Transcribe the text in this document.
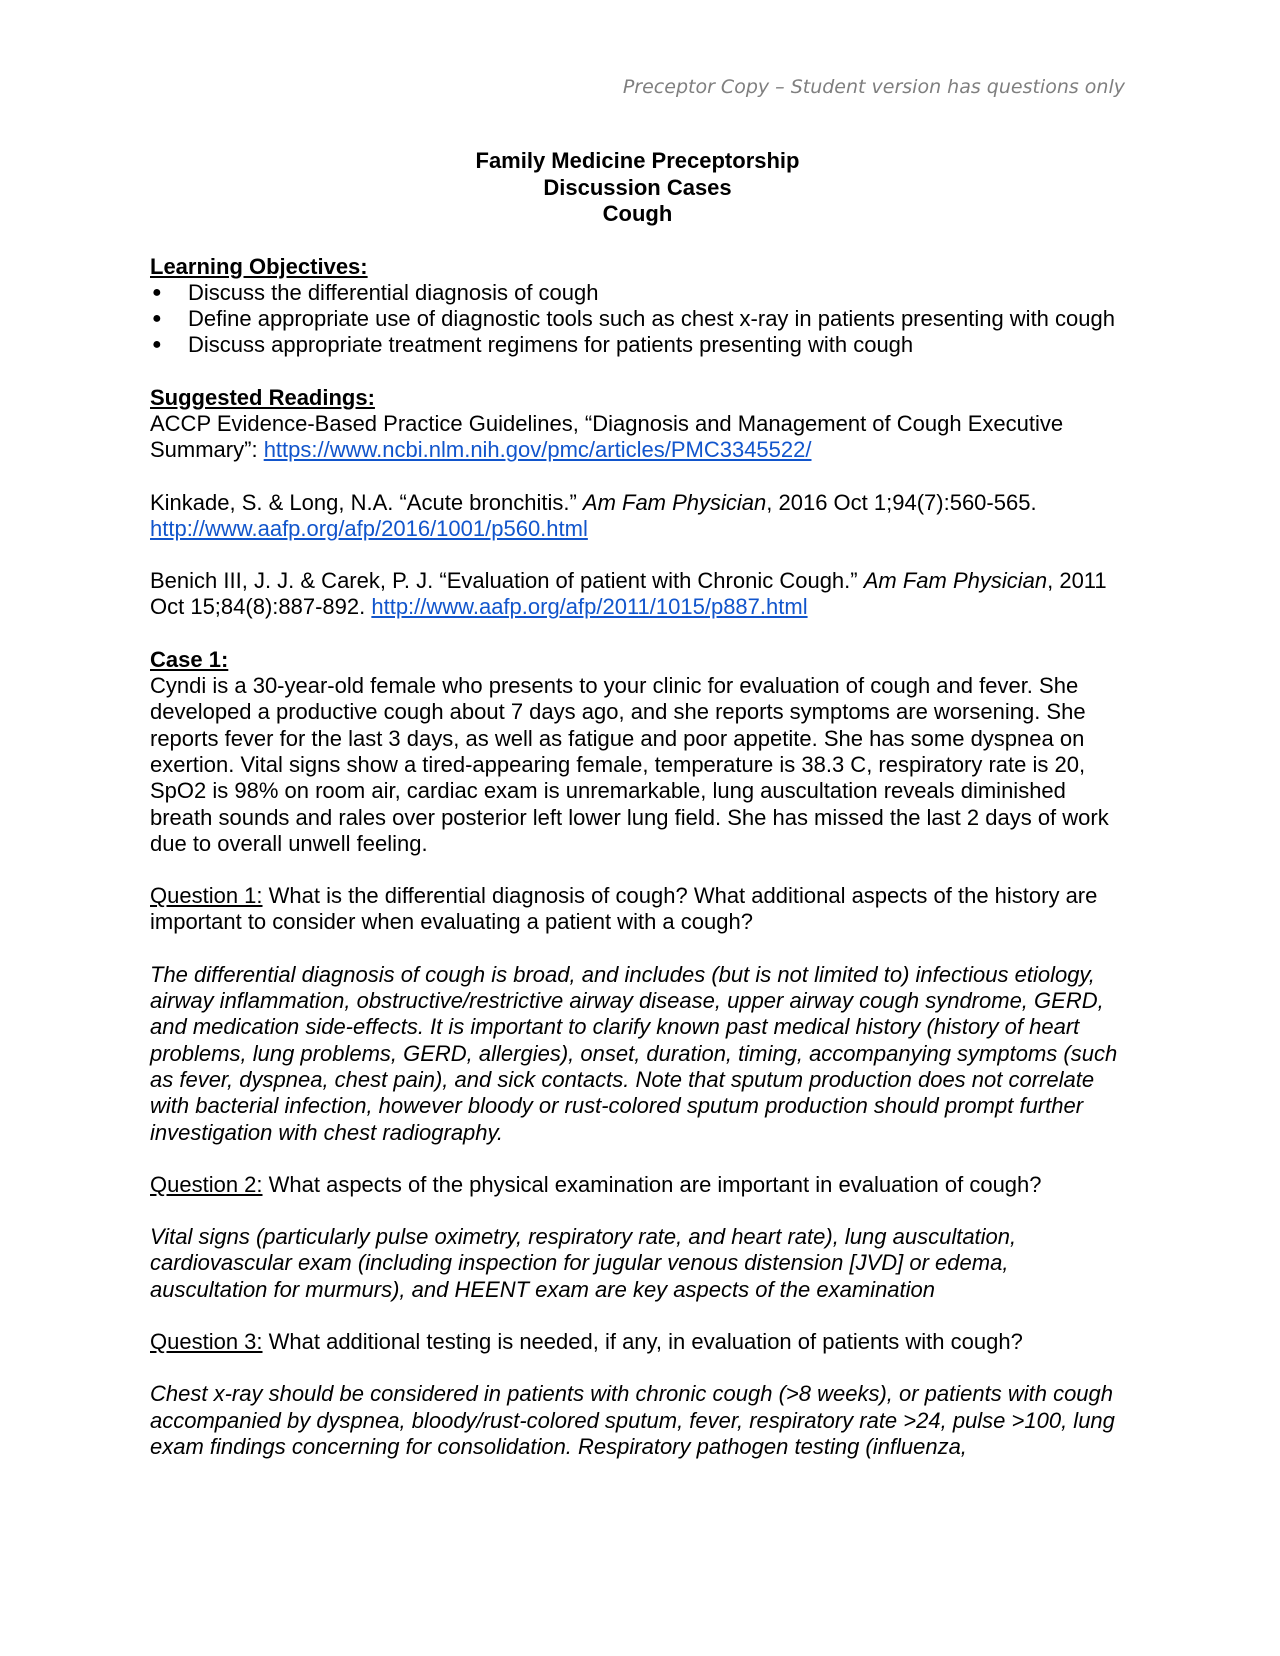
Preceptor Copy – Student version has questions only
Family Medicine Preceptorship
Discussion Cases
Cough
Learning Objectives:
● Discuss the differential diagnosis of cough
● Define appropriate use of diagnostic tools such as chest x-ray in patients presenting with cough
● Discuss appropriate treatment regimens for patients presenting with cough
Suggested Readings:

ACCP Evidence-Based Practice Guidelines, “Diagnosis and Management of Cough Executive Summary”: https://www.ncbi.nlm.nih.gov/pmc/articles/PMC3345522/

Kinkade, S. & Long, N.A. “Acute bronchitis.” Am Fam Physician, 2016 Oct 1;94(7):560-565.
http://www.aafp.org/afp/2016/1001/p560.html

Benich III, J. J. & Carek, P. J. “Evaluation of patient with Chronic Cough.” Am Fam Physician, 2011 Oct 15;84(8):887-892. http://www.aafp.org/afp/2011/1015/p887.html

Case 1:

Cyndi is a 30-year-old female who presents to your clinic for evaluation of cough and fever. She developed a productive cough about 7 days ago, and she reports symptoms are worsening. She reports fever for the last 3 days, as well as fatigue and poor appetite. She has some dyspnea on exertion. Vital signs show a tired-appearing female, temperature is 38.3 C, respiratory rate is 20, SpO2 is 98% on room air, cardiac exam is unremarkable, lung auscultation reveals diminished breath sounds and rales over posterior left lower lung field. She has missed the last 2 days of work due to overall unwell feeling.

Question 1: What is the differential diagnosis of cough? What additional aspects of the history are important to consider when evaluating a patient with a cough?

The differential diagnosis of cough is broad, and includes (but is not limited to) infectious etiology, airway inflammation, obstructive/restrictive airway disease, upper airway cough syndrome, GERD, and medication side-effects. It is important to clarify known past medical history (history of heart problems, lung problems, GERD, allergies), onset, duration, timing, accompanying symptoms (such as fever, dyspnea, chest pain), and sick contacts. Note that sputum production does not correlate with bacterial infection, however bloody or rust-colored sputum production should prompt further investigation with chest radiography.

Question 2: What aspects of the physical examination are important in evaluation of cough?

Vital signs (particularly pulse oximetry, respiratory rate, and heart rate), lung auscultation, cardiovascular exam (including inspection for jugular venous distension [JVD] or edema, auscultation for murmurs), and HEENT exam are key aspects of the examination

Question 3: What additional testing is needed, if any, in evaluation of patients with cough?

Chest x-ray should be considered in patients with chronic cough (>8 weeks), or patients with cough accompanied by dyspnea, bloody/rust-colored sputum, fever, respiratory rate >24, pulse >100, lung exam findings concerning for consolidation. Respiratory pathogen testing (influenza,
